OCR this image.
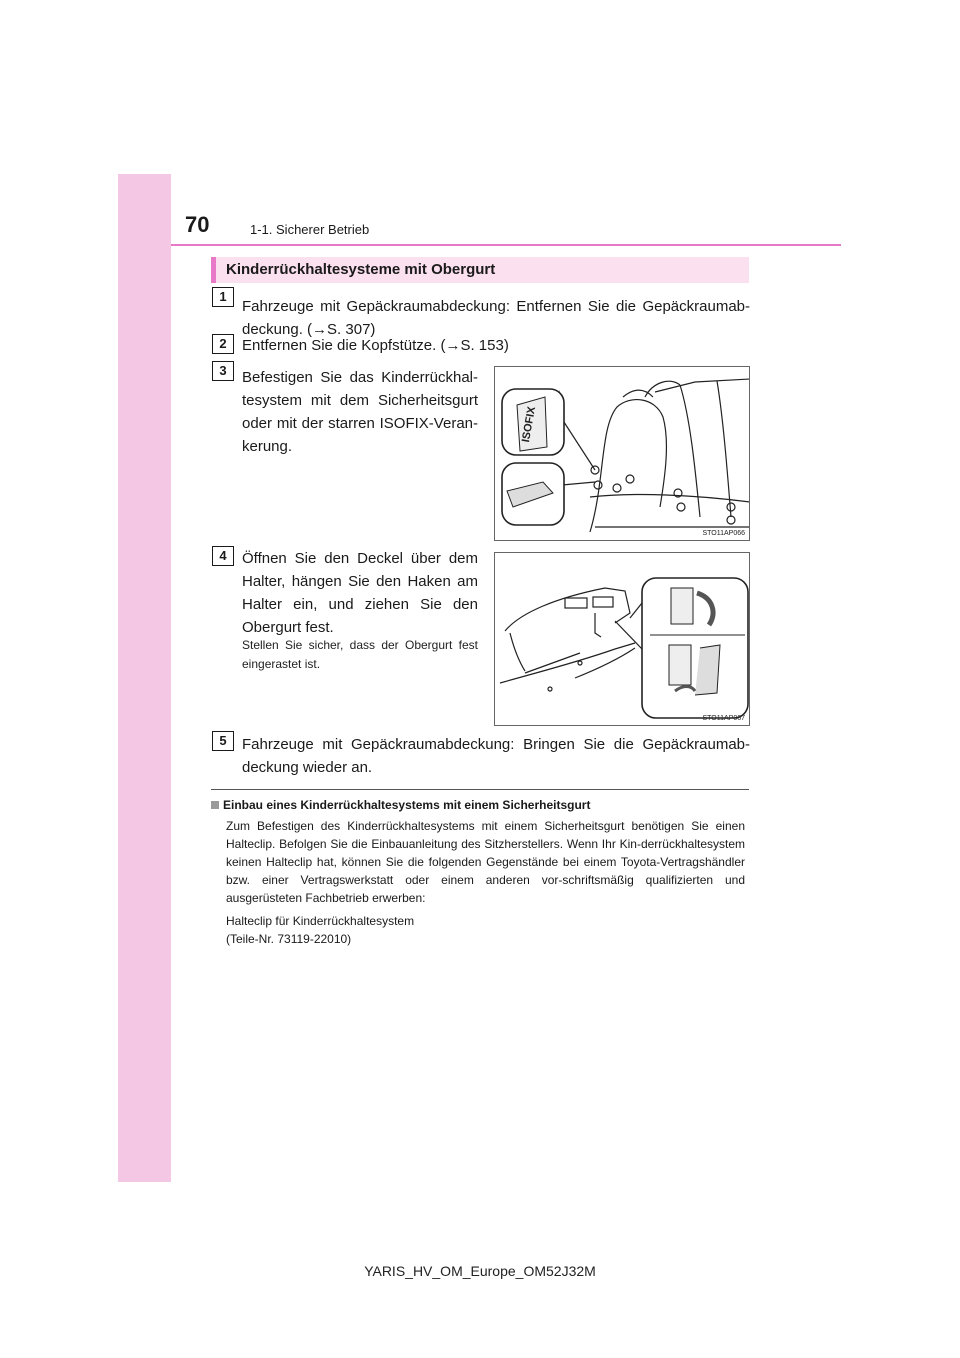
70	1-1. Sicherer Betrieb
Kinderrückhaltesysteme mit Obergurt
1
Fahrzeuge mit Gepäckraumabdeckung: Entfernen Sie die Gepäckraumab-deckung. (→S. 307)
2	Entfernen Sie die Kopfstütze. (→S. 153)
3	Befestigen Sie das Kinderrückhal-tesystem mit dem Sicherheitsgurt oder mit der starren ISOFIX-Veran-kerung.
ISOFIX
STO11AP066
4	Öffnen Sie den Deckel über dem Halter, hängen Sie den Haken am Halter ein, und ziehen Sie den Obergurt fest.
Stellen Sie sicher, dass der Obergurt fest eingerastet ist.
STO11AP067
5	Fahrzeuge mit Gepäckraumabdeckung: Bringen Sie die Gepäckraumab-deckung wieder an.
Einbau eines Kinderrückhaltesystems mit einem Sicherheitsgurt
Zum Befestigen des Kinderrückhaltesystems mit einem Sicherheitsgurt benötigen Sie einen Halteclip. Befolgen Sie die Einbauanleitung des Sitzherstellers. Wenn Ihr Kin-derrückhaltesystem keinen Halteclip hat, können Sie die folgenden Gegenstände bei einem Toyota-Vertragshändler bzw. einer Vertragswerkstatt oder einem anderen vor-schriftsmäßig qualifizierten und ausgerüsteten Fachbetrieb erwerben:
Halteclip für Kinderrückhaltesystem
(Teile-Nr. 73119-22010)
YARIS_HV_OM_Europe_OM52J32M
